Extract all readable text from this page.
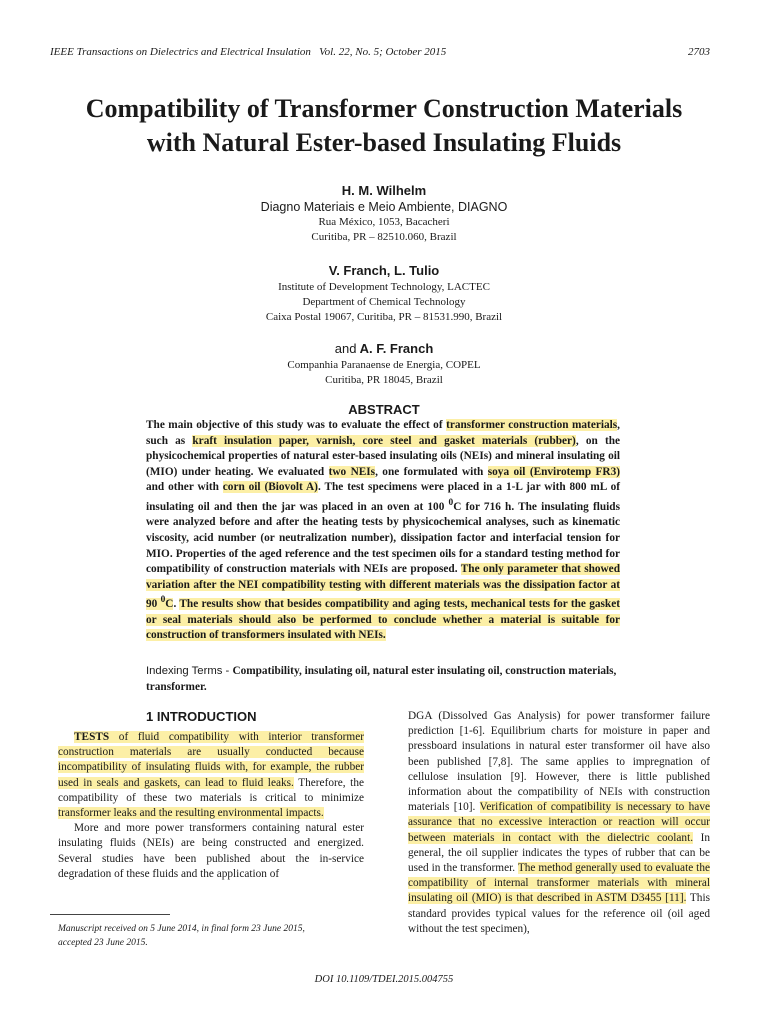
IEEE Transactions on Dielectrics and Electrical Insulation Vol. 22, No. 5; October 2015	2703
Compatibility of Transformer Construction Materials
with Natural Ester-based Insulating Fluids
H. M. Wilhelm
Diagno Materiais e Meio Ambiente, DIAGNO
Rua México, 1053, Bacacheri
Curitiba, PR – 82510.060, Brazil
V. Franch, L. Tulio
Institute of Development Technology, LACTEC
Department of Chemical Technology
Caixa Postal 19067, Curitiba, PR – 81531.990, Brazil
and A. F. Franch
Companhia Paranaense de Energia, COPEL
Curitiba, PR 18045, Brazil
ABSTRACT
The main objective of this study was to evaluate the effect of transformer construction materials, such as kraft insulation paper, varnish, core steel and gasket materials (rubber), on the physicochemical properties of natural ester-based insulating oils (NEIs) and mineral insulating oil (MIO) under heating. We evaluated two NEIs, one formulated with soya oil (Envirotemp FR3) and other with corn oil (Biovolt A). The test specimens were placed in a 1-L jar with 800 mL of insulating oil and then the jar was placed in an oven at 100 $^0$C for 716 h. The insulating fluids were analyzed before and after the heating tests by physicochemical analyses, such as kinematic viscosity, acid number (or neutralization number), dissipation factor and interfacial tension for MIO. Properties of the aged reference and the test specimen oils for a standard testing method for compatibility of construction materials with NEIs are proposed. The only parameter that showed variation after the NEI compatibility testing with different materials was the dissipation factor at 90 $^0$C. The results show that besides compatibility and aging tests, mechanical tests for the gasket or seal materials should also be performed to conclude whether a material is suitable for construction of transformers insulated with NEIs.
Indexing Terms - Compatibility, insulating oil, natural ester insulating oil, construction materials, transformer.
1 INTRODUCTION

TESTS of fluid compatibility with interior transformer construction materials are usually conducted because incompatibility of insulating fluids with, for example, the rubber used in seals and gaskets, can lead to fluid leaks. Therefore, the compatibility of these two materials is critical to minimize transformer leaks and the resulting environmental impacts.

More and more power transformers containing natural ester insulating fluids (NEIs) are being constructed and energized. Several studies have been published about the in-service degradation of these fluids and the application of

DGA (Dissolved Gas Analysis) for power transformer failure prediction [1-6]. Equilibrium charts for moisture in paper and pressboard insulations in natural ester transformer oil have also been published [7,8]. The same applies to impregnation of cellulose insulation [9]. However, there is little published information about the compatibility of NEIs with construction materials [10]. Verification of compatibility is necessary to have assurance that no excessive interaction or reaction will occur between materials in contact with the dielectric coolant. In general, the oil supplier indicates the types of rubber that can be used in the transformer. The method generally used to evaluate the compatibility of internal transformer materials with mineral insulating oil (MIO) is that described in ASTM D3455 [11]. This standard provides typical values for the reference oil (oil aged without the test specimen),

Manuscript received on 5 June 2014, in final form 23 June 2015,
accepted 23 June 2015.
DOI 10.1109/TDEI.2015.004755
